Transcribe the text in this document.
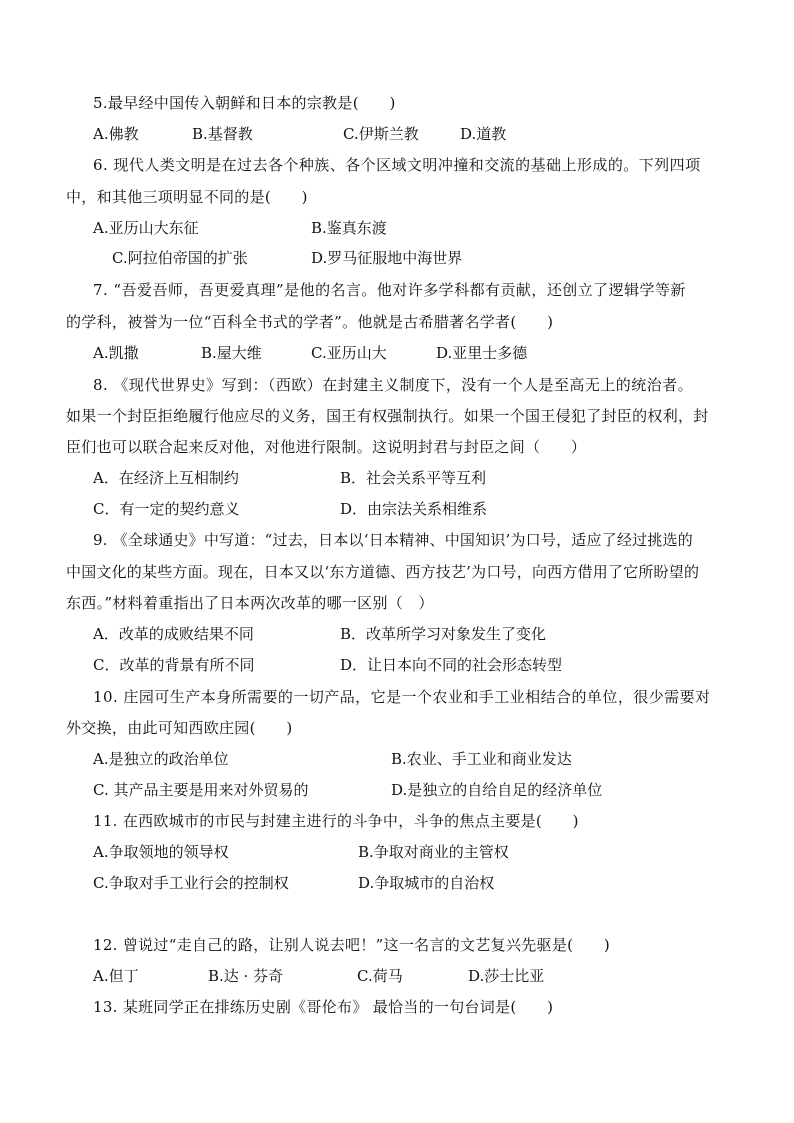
5.最早经中国传入朝鲜和日本的宗教是(　　)
A.佛教	B.基督教	C.伊斯兰教	D.道教
6. 现代人类文明是在过去各个种族、各个区域文明冲撞和交流的基础上形成的。下列四项
中，和其他三项明显不同的是(　　)
A.亚历山大东征	B.鉴真东渡
C.阿拉伯帝国的扩张	D.罗马征服地中海世界
7. “吾爱吾师，吾更爱真理”是他的名言。他对许多学科都有贡献，还创立了逻辑学等新
的学科，被誉为一位“百科全书式的学者”。他就是古希腊著名学者(　　)
A.凯撒	B.屋大维	C.亚历山大	D.亚里士多德
8. 《现代世界史》写到：（西欧）在封建主义制度下，没有一个人是至高无上的统治者。
如果一个封臣拒绝履行他应尽的义务，国王有权强制执行。如果一个国王侵犯了封臣的权利，封
臣们也可以联合起来反对他，对他进行限制。这说明封君与封臣之间（　　）
A．在经济上互相制约	B．社会关系平等互利
C．有一定的契约意义	D．由宗法关系相维系
9. 《全球通史》中写道：“过去，日本以‘日本精神、中国知识’为口号，适应了经过挑选的
中国文化的某些方面。现在，日本又以‘东方道德、西方技艺’为口号，向西方借用了它所盼望的
东西。”材料着重指出了日本两次改革的哪一区别（　）
A．改革的成败结果不同	B．改革所学习对象发生了变化
C．改革的背景有所不同	D．让日本向不同的社会形态转型
10. 庄园可生产本身所需要的一切产品，它是一个农业和手工业相结合的单位，很少需要对
外交换，由此可知西欧庄园(　　)
A.是独立的政治单位	B.农业、手工业和商业发达
C. 其产品主要是用来对外贸易的	D.是独立的自给自足的经济单位
11. 在西欧城市的市民与封建主进行的斗争中，斗争的焦点主要是(　　)
A.争取领地的领导权	B.争取对商业的主管权
C.争取对手工业行会的控制权	D.争取城市的自治权
12. 曾说过“走自己的路，让别人说去吧！”这一名言的文艺复兴先驱是(　　)
A.但丁	B.达 · 芬奇	C.荷马	D.莎士比亚
13. 某班同学正在排练历史剧《哥伦布》 最恰当的一句台词是(　　)
